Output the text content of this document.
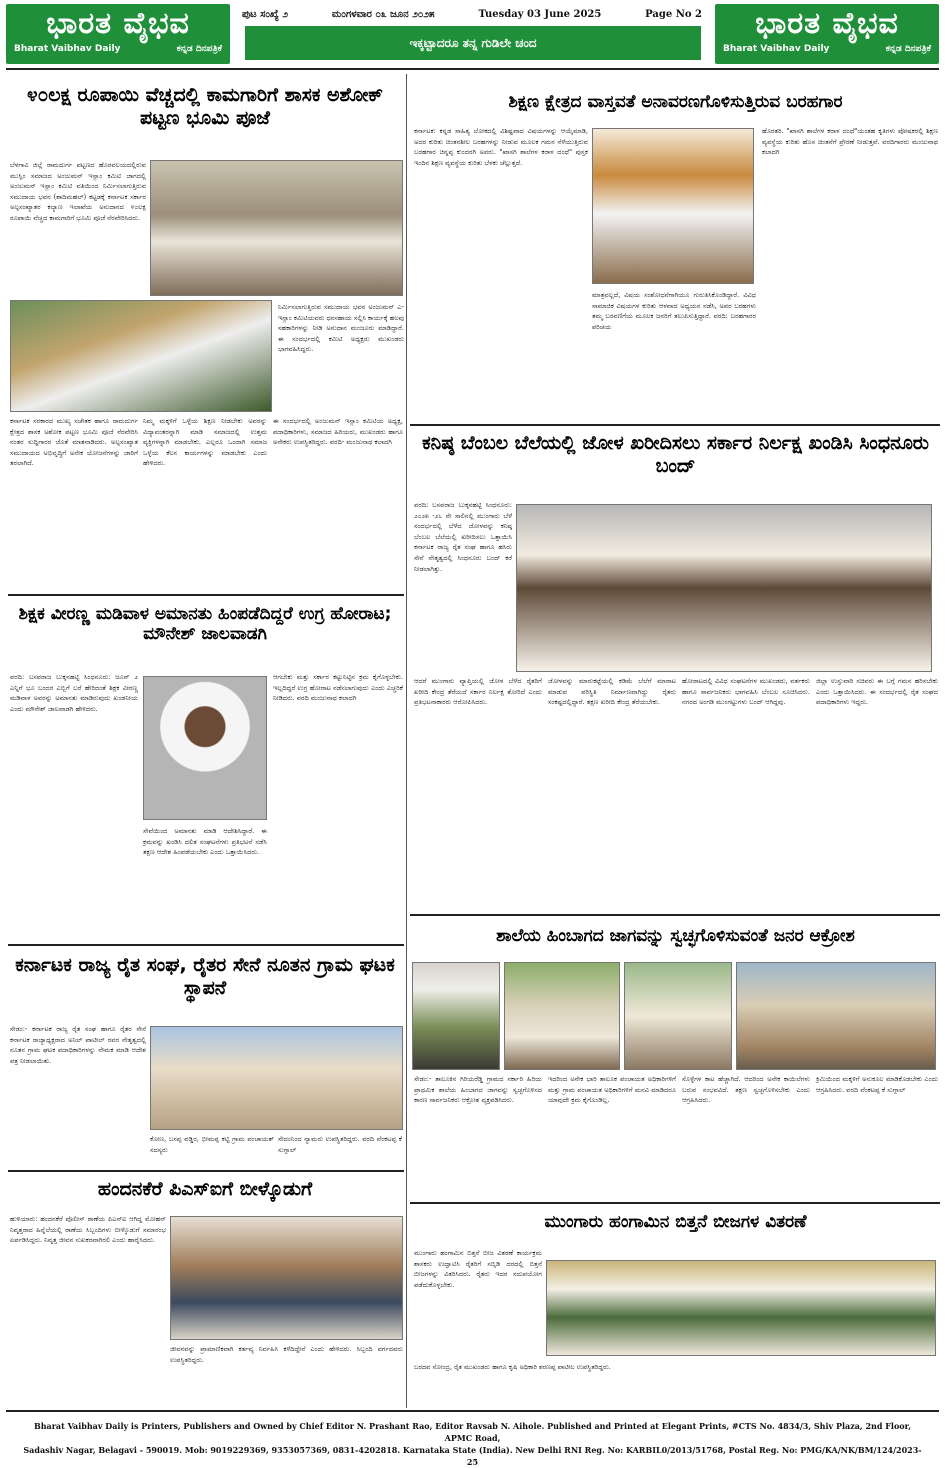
ಭಾರತ ವೈಭವ
Bharat Vaibhav Daily	ಕನ್ನಡ ದಿನಪತ್ರಿಕೆ
ಪುಟ ಸಂಖ್ಯೆ ೨	ಮಂಗಳವಾರ ೦೩ ಜೂನ ೨೦೨೫	Tuesday 03 June 2025	Page No 2
ಇಕ್ಕಟ್ಟಾದರೂ ತನ್ನ ಗುಡಿಲೇ ಚಂದ
ಭಾರತ ವೈಭವ
Bharat Vaibhav Daily	ಕನ್ನಡ ದಿನಪತ್ರಿಕೆ
೪೦ಲಕ್ಷ ರೂಪಾಯಿ ವೆಚ್ಚದಲ್ಲಿ ಕಾಮಗಾರಿಗೆ ಶಾಸಕ ಅಶೋಕ್ ಪಟ್ಟಣ ಭೂಮಿ ಪೂಜೆ
ಬೆಳಗಾವಿ ಜಿಲ್ಲೆ ರಾಮದುರ್ಗ ಪಟ್ಟಣದ ಹೊರವಲಯದಲ್ಲಿರುವ ಮುಸ್ಲಿಂ ಸಮಾಜದ ಅಂಜುಮನ್ ಇಸ್ಲಾಂ ಕಮಿಟಿ ಜಾಗದಲ್ಲಿ ಅಂಜುಮನ್ ಇಸ್ಲಾಂ ಕಮಿಟಿ ವತಿಯಿಂದ ನಿರ್ಮಿಸಲಾಗುತ್ತಿರುವ ಸಮುದಾಯ ಭವನ (ಶಾದಿಮಹಲ್) ಕಟ್ಟಡಕ್ಕೆ ಕರ್ನಾಟಕ ಸರ್ಕಾರ ಅಲ್ಪಸಂಖ್ಯಾತರ ಕಲ್ಯಾಣ ಇಲಾಖೆಯ ಅನುದಾನದ ೪೦ಲಕ್ಷ ರೂಪಾಯಿ ವೆಚ್ಚದ ಕಾಮಗಾರಿಗೆ ಭೂಮಿ ಪೂಜೆ ನೆರವೇರಿಸಿದರು.
ನಿರ್ಮಿಸಲಾಗುತ್ತಿರುವ ಸಮುದಾಯ ಭವನ ಅಂಜುಮನ್ ಎ-ಇಸ್ಲಾಂ ಕಮಿಟಿಯವರು ಧನಸಹಾಯ ಸಲ್ಲಿಸಿ ಕಾರ್ಯಕ್ಕೆ ಹಲವು ಸಹಕಾರಿಗಳನ್ನು ನೀಡಿ ಅನುದಾನ ಮಂಜೂರು ಮಾಡಿದ್ದಾರೆ. ಈ ಸಂದರ್ಭದಲ್ಲಿ ಕಮಿಟಿ ಅಧ್ಯಕ್ಷರು ಮುಖಂಡರು ಭಾಗವಹಿಸಿದ್ದರು.
ಕರ್ನಾಟಕ ಸರಕಾರದ ಮುಖ್ಯ ಸಚೇತಕ ಹಾಗೂ ರಾಮದುರ್ಗ ಕ್ಷೇತ್ರದ ಶಾಸಕ ಅಶೋಕ ಪಟ್ಟಣ ಭೂಮಿ ಪೂಜೆ ನೆರವೇರಿಸಿ ನಂತರ ಸುದ್ದಿಗಾರರ ಜೊತೆ ಮಾತನಾಡಿದರು. ಅಲ್ಪಸಂಖ್ಯಾತ ಸಮುದಾಯದ ಅಭಿವೃದ್ಧಿಗೆ ಅನೇಕ ಯೋಜನೆಗಳನ್ನು ಜಾರಿಗೆ ತರಲಾಗಿದೆ.
ನಿಮ್ಮ ಮಕ್ಕಳಿಗೆ ಒಳ್ಳೆಯ ಶಿಕ್ಷಣ ನೀಡಬೇಕು ಅವರನ್ನು ವಿದ್ಯಾವಂತರನ್ನಾಗಿ ಮಾಡಿ ಸಮಾಜದಲ್ಲಿ ಉತ್ತಮ ವ್ಯಕ್ತಿಗಳನ್ನಾಗಿ ಮಾಡಬೇಕು. ಎಲ್ಲರೂ ಒಂದಾಗಿ ಸಮಾಜ ಒಳ್ಳೆಯ ಕೆಲಸ ಕಾರ್ಯಗಳನ್ನು ಮಾಡಬೇಕು ಎಂದು ಹೇಳಿದರು.
ಈ ಸಂದರ್ಭದಲ್ಲಿ ಅಂಜುಮನ್ ಇಸ್ಲಾಂ ಕಮಿಟಿಯ ಅಧ್ಯಕ್ಷ, ಪದಾಧಿಕಾರಿಗಳು, ಸಮಾಜದ ಹಿರಿಯರು, ಮುಖಂಡರು ಹಾಗೂ ಅನೇಕರು ಉಪಸ್ಥಿತರಿದ್ದರು. ವರದಿ- ಮಂಜುನಾಥ ಕಲಾದಗಿ
ಶಿಕ್ಷಣ ಕ್ಷೇತ್ರದ ವಾಸ್ತವತೆ ಅನಾವರಣಗೊಳಿಸುತ್ತಿರುವ ಬರಹಗಾರ
ಕರ್ನಾಟಕ: ಕನ್ನಡ ಸಾಹಿತ್ಯ ಲೋಕದಲ್ಲಿ ವಿಶಿಷ್ಟವಾದ ವಿಷಯಗಳನ್ನು ಆಯ್ಕೆಮಾಡಿ, ಅದರ ಕುರಿತು ಚಿಂತನಶೀಲ ಬರಹಗಳನ್ನು ನೀಡುವ ಮೂಲಕ ಗಮನ ಸೆಳೆಯುತ್ತಿರುವ ಬರಹಗಾರ ಚಿನ್ನಪ್ಪ ಕುಂದರಗಿ ಅವರು. "ಖಾಸಗಿ ಶಾಲೆಗಳ ಕರಾಳ ದಂಧೆ" ಪುಸ್ತಕ ಇಂದಿನ ಶಿಕ್ಷಣ ವ್ಯವಸ್ಥೆಯ ಕುರಿತು ಬೆಳಕು ಚೆಲ್ಲುತ್ತದೆ.
ಮಾತ್ರವಲ್ಲದೆ, ವಿಷಯ ಸಂಶೋಧನೆಗಾಗಿಯೂ ಗುರುತಿಸಿಕೊಂಡಿದ್ದಾರೆ. ವಿವಿಧ ಸಾಮಾಜಿಕ ವಿಷಯಗಳ ಕುರಿತು ಆಳವಾದ ಅಧ್ಯಯನ ನಡೆಸಿ, ಅವರ ಬರಹಗಳು ತಮ್ಮ ಬರವಣಿಗೆಯ ಮೂಲಕ ಜನರಿಗೆ ತಲುಪಿಸುತ್ತಿದ್ದಾರೆ. ವರದಿ: ಬರಹಗಾರರ ಪರಿಚಯ
ಹೊರತರಿ. "ಖಾಸಗಿ ಶಾಲೆಗಳ ಕರಾಳ ದಂಧೆ"ಯಂತಹ ಕೃತಿಗಳು ಪೋಷಕರಲ್ಲಿ ಶಿಕ್ಷಣ ವ್ಯವಸ್ಥೆಯ ಕುರಿತು ಹೊಸ ಚಿಂತನೆಗೆ ಪ್ರೇರಣೆ ನೀಡುತ್ತವೆ. ವರದಿಗಾರರು ಮಂಜುನಾಥ ಕಲಾದಗಿ
ಕನಿಷ್ಠ ಬೆಂಬಲ ಬೆಲೆಯಲ್ಲಿ ಜೋಳ ಖರೀದಿಸಲು ಸರ್ಕಾರ ನಿರ್ಲಕ್ಷ ಖಂಡಿಸಿ ಸಿಂಧನೂರು ಬಂದ್
ವರದಿ: ಬಸವರಾಜ ಬುಕ್ಕನಹಟ್ಟಿ ಸಿಂಧನೂರು: ೨೦೨೫ -೨೬ ನೇ ಸಾಲಿನಲ್ಲಿ ಮುಂಗಾರು ಬೆಳೆ ಸಂದರ್ಭದಲ್ಲಿ ಬೆಳೆದ ಜೋಳವನ್ನು ಕನಿಷ್ಠ ಬೆಂಬಲ ಬೆಲೆಯಲ್ಲಿ ಖರೀದಿಸಲು ಒತ್ತಾಯಿಸಿ ಕರ್ನಾಟಕ ರಾಜ್ಯ ರೈತ ಸಂಘ ಹಾಗೂ ಹಸಿರು ಸೇನೆ ನೇತೃತ್ವದಲ್ಲಿ ಸಿಂಧನೂರು ಬಂದ್ ಕರೆ ನೀಡಲಾಗಿತ್ತು.
ಆದರೆ ಮುಂಗಾರು ವ್ಯಾಪ್ತಿಯಲ್ಲಿ ಜೋಳ ಬೆಳೆದ ರೈತರಿಗೆ ಖರೀದಿ ಕೇಂದ್ರ ತೆರೆಯದೆ ಸರ್ಕಾರ ನಿರ್ಲಕ್ಷ ತೋರಿದೆ ಎಂದು ಪ್ರತಿಭಟನಾಕಾರರು ಆರೋಪಿಸಿದರು.
ಜೋಳವನ್ನು ಮಾರುಕಟ್ಟೆಯಲ್ಲಿ ಕಡಿಮೆ ಬೆಲೆಗೆ ಮಾರಾಟ ಮಾಡುವ ಪರಿಸ್ಥಿತಿ ನಿರ್ಮಾಣವಾಗಿದ್ದು ರೈತರು ಸಂಕಷ್ಟದಲ್ಲಿದ್ದಾರೆ. ತಕ್ಷಣ ಖರೀದಿ ಕೇಂದ್ರ ತೆರೆಯಬೇಕು.
ಹೋರಾಟದಲ್ಲಿ ವಿವಿಧ ಸಂಘಟನೆಗಳ ಮುಖಂಡರು, ವರ್ತಕರು ಹಾಗೂ ಸಾರ್ವಜನಿಕರು ಭಾಗವಹಿಸಿ ಬೆಂಬಲ ಸೂಚಿಸಿದರು. ನಗರದ ಅಂಗಡಿ ಮುಂಗಟ್ಟುಗಳು ಬಂದ್ ಆಗಿದ್ದವು.
ಜಿಲ್ಲಾ ಉಸ್ತುವಾರಿ ಸಚಿವರು ಈ ಬಗ್ಗೆ ಗಮನ ಹರಿಸಬೇಕು ಎಂದು ಒತ್ತಾಯಿಸಿದರು. ಈ ಸಂದರ್ಭದಲ್ಲಿ ರೈತ ಸಂಘದ ಪದಾಧಿಕಾರಿಗಳು ಇದ್ದರು.
ಶಿಕ್ಷಕ ವೀರಣ್ಣ ಮಡಿವಾಳ ಅಮಾನತು ಹಿಂಪಡೆದಿದ್ದರೆ ಉಗ್ರ ಹೋರಾಟ; ಮೌನೇಶ್ ಜಾಲವಾಡಗಿ
ವರದಿ: ಬಸವರಾಜ ಬುಕ್ಕನಹಟ್ಟಿ ಸಿಂಧನೂರು: ಜೂನ್ ೨ ಎನ್ನಿಗೆ ಭೂ ಬಂದರ ಎಬ್ಬಿಗೆ ಬರೆ ಹೇರಿದಂತೆ ಶಿಕ್ಷಕ ವೀರಣ್ಣ ಮಡಿವಾಳ ಅವರನ್ನು ಅಮಾನತು ಮಾಡಿರುವುದು ಖಂಡನೀಯ ಎಂದು ಮೌನೇಶ್ ಜಾಲವಾಡಗಿ ಹೇಳಿದರು.
ಸೇವೆಯಿಂದ ಅಮಾನತು ಮಾಡಿ ಆದೇಶಿಸಿದ್ದಾರೆ. ಈ ಕ್ರಮವನ್ನು ಖಂಡಿಸಿ ದಲಿತ ಸಂಘಟನೆಗಳು ಪ್ರತಿಭಟನೆ ನಡೆಸಿ ತಕ್ಷಣ ಆದೇಶ ಹಿಂಪಡೆಯಬೇಕು ಎಂದು ಒತ್ತಾಯಿಸಿದರು.
ಆಗಬೇಕು ಮತ್ತು ಸರ್ಕಾರ ಕಟ್ಟುನಿಟ್ಟಿನ ಕ್ರಮ ಕೈಗೊಳ್ಳಬೇಕು. ಇಲ್ಲದಿದ್ದರೆ ಉಗ್ರ ಹೋರಾಟ ನಡೆಸಲಾಗುವುದು ಎಂದು ಎಚ್ಚರಿಕೆ ನೀಡಿದರು. ವರದಿ ಮಂಜುನಾಥ ಕಲಾದಗಿ
ಕರ್ನಾಟಕ ರಾಜ್ಯ ರೈತ ಸಂಘ, ರೈತರ ಸೇನೆ ನೂತನ ಗ್ರಾಮ ಘಟಕ ಸ್ಥಾಪನೆ
ಸೇಡಂ:- ಕರ್ನಾಟಕ ರಾಜ್ಯ ರೈತ ಸಂಘ ಹಾಗೂ ರೈತರ ಸೇನೆ ಕರ್ನಾಟಕ ರಾಜ್ಯಾಧ್ಯಕ್ಷರಾದ ಅನಿಲ್ ಪಾಟೀಲ್ ರವರ ನೇತೃತ್ವದಲ್ಲಿ ನೂತನ ಗ್ರಾಮ ಘಟಕ ಪದಾಧಿಕಾರಿಗಳನ್ನು ನೇಮಕ ಮಾಡಿ ಆದೇಶ ಪತ್ರ ನೀಡಲಾಯಿತು.
ಕೋಣ, ಬಸಪ್ಪ ವಡ್ಡಿರ, ಭೀಮಪ್ಪ ಕಟ್ಟಿ ಗ್ರಾಮ ಪಂಚಾಯತ್ ಸದಸ್ಯರು
ಸೇದಂನಿಂದ ನ್ಯಾಮರು ಉಪಸ್ಥಿತರಿದ್ದರು. ವರದಿ ವೆಂಕಟಪ್ಪ ಕೆ ಸುಗ್ಗಾಲ್
ಶಾಲೆಯ ಹಿಂಬಾಗದ ಜಾಗವನ್ನು ಸ್ವಚ್ಛಗೊಳಿಸುವಂತೆ ಜನರ ಆಕ್ರೋಶ
ಸೇಡಂ:- ತಾಲೂಕಿನ ಗಿರಿಯರೆಡ್ಡಿ ಗ್ರಾಮದ ಸರ್ಕಾರಿ ಹಿರಿಯ ಪ್ರಾಥಮಿಕ ಶಾಲೆಯ ಹಿಂಬಾಗದ ಜಾಗವನ್ನು ಸ್ವಚ್ಛಗೊಳಿಸದ ಕಾರಣ ಸಾರ್ವಜನಿಕರು ಆಕ್ರೋಶ ವ್ಯಕ್ತಪಡಿಸಿದರು.
ಇದರಿಂದ ಅನೇಕ ಭಾರಿ ತಾಲೂಕ ಪಂಚಾಯತ ಅಧಿಕಾರಿಗಳಿಗೆ ಮತ್ತು ಗ್ರಾಮ ಪಂಚಾಯತ ಅಧಿಕಾರಿಗಳಿಗೆ ಮನವಿ ಮಾಡಿದರೂ ಯಾವುದೇ ಕ್ರಮ ಕೈಗೊಂಡಿಲ್ಲ.
ಸೊಳ್ಳೆಗಳ ಕಾಟ ಹೆಚ್ಚಾಗಿದೆ. ಆದರಿಂದ ಅನೇಕ ಕಾಯಿಲೆಗಳು ಬರುವ ಸಂಭವವಿದೆ. ತಕ್ಷಣ ಸ್ವಚ್ಛಗೊಳಿಸಬೇಕು ಎಂದು ಆಗ್ರಹಿಸಿದರು.
ಕ್ರಿಮಿಯಿಂದ ಮಕ್ಕಳಿಗೆ ಅನುಕೂಲ ಮಾಡಿಕೊಡಬೇಕು ಎಂದು ಆಗ್ರಹಿಸಿದರು. ವರದಿ ವೆಂಕಟಪ್ಪ ಕೆ ಸುಗ್ಗಾಲ್
ಹಂದನಕೆರೆ ಪಿಎಸ್ಐಗೆ ಬೀಳ್ಕೊಡುಗೆ
ಹುಳಿಯಾರು: ಹಂದನಕೆರೆ ಪೊಲೀಸ್ ಠಾಣೆಯ ಪಿಎಸ್ಐ ಆಗಿದ್ದ ಮೋಹನ್ ನಿವೃತ್ತರಾದ ಹಿನ್ನೆಲೆಯಲ್ಲಿ ಠಾಣೆಯ ಸಿಬ್ಬಂದಿಗಳು ಬೀಳ್ಕೊಡುಗೆ ಸಮಾರಂಭ ಏರ್ಪಡಿಸಿದ್ದರು. ನಿವೃತ್ತ ಜೀವನ ಸುಖಕರವಾಗಿರಲಿ ಎಂದು ಹಾರೈಸಿದರು.
ಜೀವನವನ್ನು ಪ್ರಾಮಾಣಿಕವಾಗಿ ಕರ್ತವ್ಯ ನಿರ್ವಹಿಸಿ ಕಳೆದಿದ್ದೇನೆ ಎಂದು ಹೇಳಿದರು. ಸಿಬ್ಬಂದಿ ವರ್ಗದವರು ಉಪಸ್ಥಿತರಿದ್ದರು.
ಮುಂಗಾರು ಹಂಗಾಮಿನ ಬಿತ್ತನೆ ಬೀಜಗಳ ವಿತರಣೆ
ಮುಂಗಾರು ಹಂಗಾಮಿನ ಬಿತ್ತನೆ ಬೀಜ ವಿತರಣೆ ಕಾರ್ಯಕ್ರಮ ಶಾಸಕರು ಉದ್ಘಾಟಿಸಿ ರೈತರಿಗೆ ಸಬ್ಸಿಡಿ ದರದಲ್ಲಿ ಬಿತ್ತನೆ ಬೀಜಗಳನ್ನು ವಿತರಿಸಿದರು. ರೈತರು ಇದರ ಸದುಪಯೋಗ ಪಡೆದುಕೊಳ್ಳಬೇಕು.
ಬರದವ ಸೋಂದ್ರ, ರೈತ ಮುಖಂಡರು ಹಾಗೂ ಕೃಷಿ ಅಧಿಕಾರಿ ಶರಣಪ್ಪ ಪಾಟೀಲ ಉಪಸ್ಥಿತರಿದ್ದರು.
Bharat Vaibhav Daily is Printers, Publishers and Owned by Chief Editor N. Prashant Rao, Editor Ravsab N. Aihole. Published and Printed at Elegant Prints, #CTS No. 4834/3, Shiv Plaza, 2nd Floor, APMC Road,
Sadashiv Nagar, Belagavi - 590019. Mob: 9019229369, 9353057369, 0831-4202818. Karnataka State (India). New Delhi RNI Reg. No: KARBIL0/2013/51768, Postal Reg. No: PMG/KA/NK/BM/124/2023-25
